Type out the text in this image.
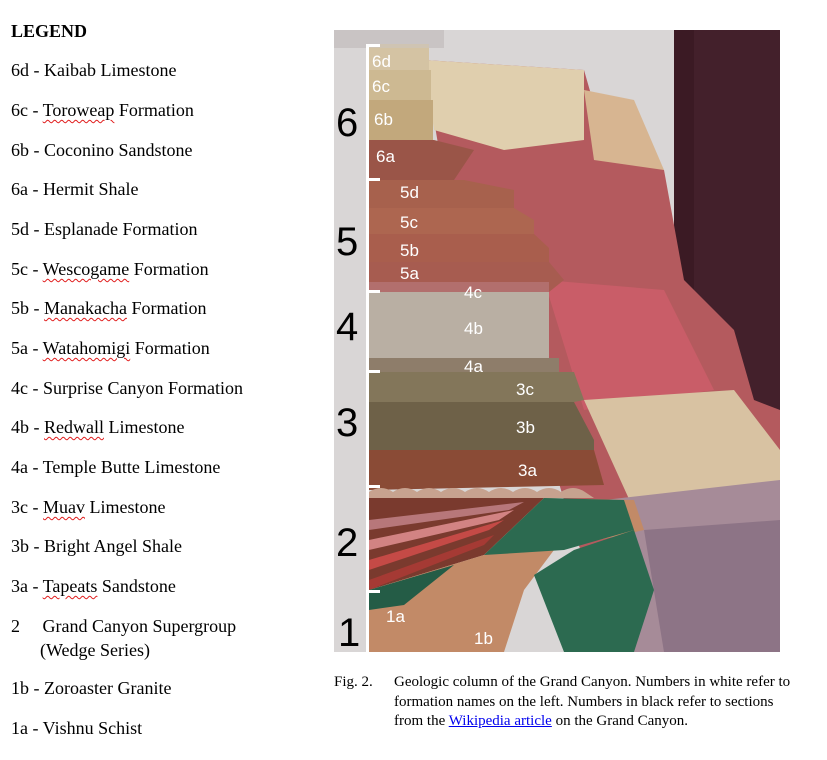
LEGEND
6d - Kaibab Limestone
6c - Toroweap Formation
6b - Coconino Sandstone
6a - Hermit Shale
5d - Esplanade Formation
5c - Wescogame Formation
5b - Manakacha Formation
5a - Watahomigi Formation
4c - Surprise Canyon Formation
4b - Redwall Limestone
4a - Temple Butte Limestone
3c - Muav Limestone
3b - Bright Angel Shale
3a - Tapeats Sandstone
2 Grand Canyon Supergroup
(Wedge Series)
1b - Zoroaster Granite
1a - Vishnu Schist
6
5
4
3
2
1
6d
6c
6b
6a
5d
5c
5b
5a
4c
4b
4a
3c
3b
3a
1a
1b
Fig. 2. Geologic column of the Grand Canyon. Numbers in white refer to formation names on the left. Numbers in black refer to sections from the Wikipedia article on the Grand Canyon.
